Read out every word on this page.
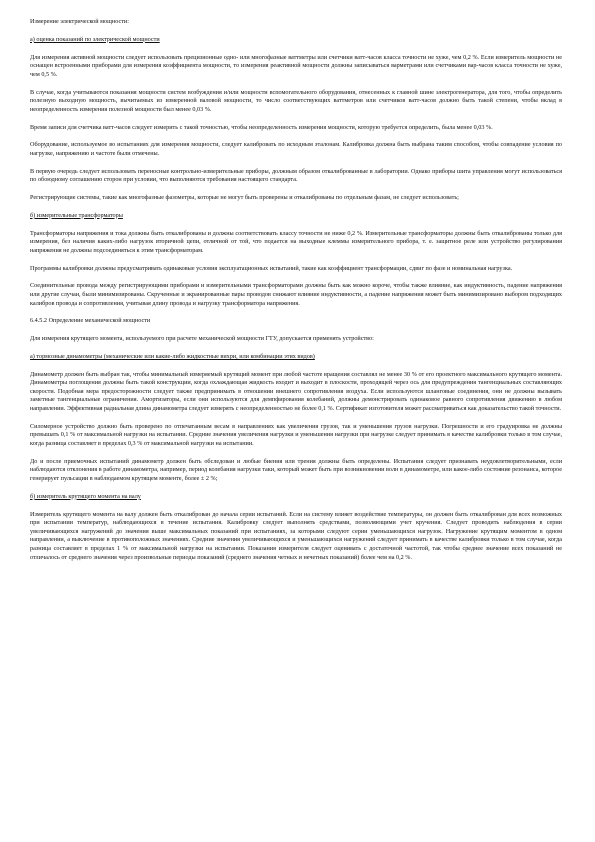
Измерение электрической мощности:

а) оценка показаний по электрической мощности

Для измерения активной мощности следует использовать прецизионные одно- или многофазные ваттметры или счетчики ватт-часов класса точности не хуже, чем 0,2 %. Если измеритель мощности не оснащен встроенными приборами для измерения коэффициента мощности, то измерения реактивной мощности должны записываться варметрами или счетчиками вар-часов класса точности не хуже, чем 0,5 %.

В случае, когда учитываются показания мощности систем возбуждения и/или мощности вспомогательного оборудования, отнесенных к главной шине электрогенератора, для того, чтобы определить полезную выходную мощность, вычитаемых из измеренной валовой мощности, то число соответствующих ваттметров или счетчиков ватт-часов должно быть такой степени, чтобы вклад в неопределенность измерения полезной мощности был менее 0,03 %.

Время записи для счетчика ватт-часов следует измерить с такой точностью, чтобы неопределенность измерения мощности, которую требуется определить, была менее 0,03 %.

Оборудование, используемое во испытаниях для измерения мощности, следует калибровать по исходным эталонам. Калибровка должна быть выбрана таким способом, чтобы совпадение условия по нагрузке, напряжению и частоте были отмечены.

В первую очередь следует использовать переносные контрольно-измерительные приборы, должным образом откалиброванные в лаборатории. Однако приборы шита управления могут использоваться по обоюдному соглашению сторон при условии, что выполняются требования настоящего стандарта.

Регистрирующие системы, такие как многофазные фазометры, которые не могут быть проверены и откалиброваны по отдельным фазам, не следует использовать;

б) измерительные трансформаторы

Трансформаторы напряжения и тока должны быть откалиброваны и должны соответствовать классу точности не ниже 0,2 %. Измерительные трансформаторы должны быть откалиброваны только для измерения, без наличия каких-либо нагрузок вторичной цепи, отличной от той, что подается на выходные клеммы измерительного прибора, т. е. защитное реле или устройство регулирования напряжения не должны подсоединяться к этим трансформаторам.

Программы калибровки должны предусматривать одинаковые условия эксплуатационных испытаний, такие как коэффициент трансформации, сдвиг по фазе и номинальная нагрузка.

Соединительные провода между регистрирующими приборами и измерительными трансформаторами должны быть как можно короче, чтобы также влияние, как индуктивность, падение напряжения или другие случаи, были минимизированы. Скрученные и экранированные пары проводов снижают влияние индуктивности, а падение напряжения может быть минимизировано выбором подходящих калибров провода и сопротивления, учитывая длину провода и нагрузку трансформатора напряжения.

6.4.5.2 Определение механической мощности

Для измерения крутящего момента, используемого при расчете механической мощности ГТУ, допускается применять устройство:

а) тормозные динамометры (механические или какие-либо жидкостные вихри, или комбинации этих видов)

Динамометр должен быть выбран так, чтобы минимальный измеряемый крутящий момент при любой частоте вращения составлял не менее 30 % от его проектного максимального крутящего момента. Динамометры поглощения должны быть такой конструкции, когда охлаждающая жидкость входит и выходит в плоскости, проходящей через ось для предупреждения тангенциальных составляющих скорости. Подобная мера предосторожности следует также предпринимать в отношении внешнего сопротивления воздуха. Если используются шланговые соединения, они не должны вызывать заметные тангенциальные ограничения. Амортизаторы, если они используются для демпфирования колебаний, должны демонстрировать одинаковое равного сопротивления движению в любом направлении. Эффективная радиальная длина динамометра следует измерять с неопределенностью не более 0,1 %. Сертификат изготовителя может рассматриваться как доказательство такой точности.

Силомерное устройство должно быть проверено по отпечатанным весам в направлениях как увеличения грузов, так и уменьшения грузов нагрузки. Погрешности и его градуировка не должны превышать 0,1 % от максимальной нагрузки на испытании. Средние значения увеличения нагрузки и уменьшения нагрузки при нагрузке следует принимать в качестве калибровки только в том случае, когда разница составляет в пределах 0,3 % от максимальной нагрузки на испытании.

До и после приемочных испытаний динамометр должен быть обследован и любые биения или трения должны быть определены. Испытания следует признавать неудовлетворительными, если наблюдаются отклонения в работе динамометра, например, период колебания нагрузки таки, который может быть при возникновении волн в динамометре, или какое-либо состояние резонанса, которое генерирует пульсации в наблюдаемом крутящем моменте, более ± 2 %;

б) измеритель крутящего момента на валу

Измеритель крутящего момента на валу должен быть откалиброван до начала серии испытаний. Если на систему влияет воздействие температуры, он должен быть откалиброван для всех возможных при испытании температур, наблюдающихся в течение испытания. Калибровку следует выполнять средствами, позволяющими учет кручения. Следует проводить наблюдения в серии увеличивающихся нагружений до значения выше максимальных показаний при испытаниях, за которыми следуют серии уменьшающихся нагрузок. Нагружение крутящим моментом в одном направлении, а выключение в противоположных значениях. Средние значения увеличивающихся и уменьшающихся нагружений следует принимать в качестве калибровки только в том случае, когда разница составляет в пределах 1 % от максимальной нагрузки на испытании. Показания измерителя следует оценивать с достаточной частотой, так чтобы среднее значение всех показаний не отличалось от среднего значения через произвольные периоды показаний (среднего значения четных и нечетных показаний) более чем на 0,2 %.
